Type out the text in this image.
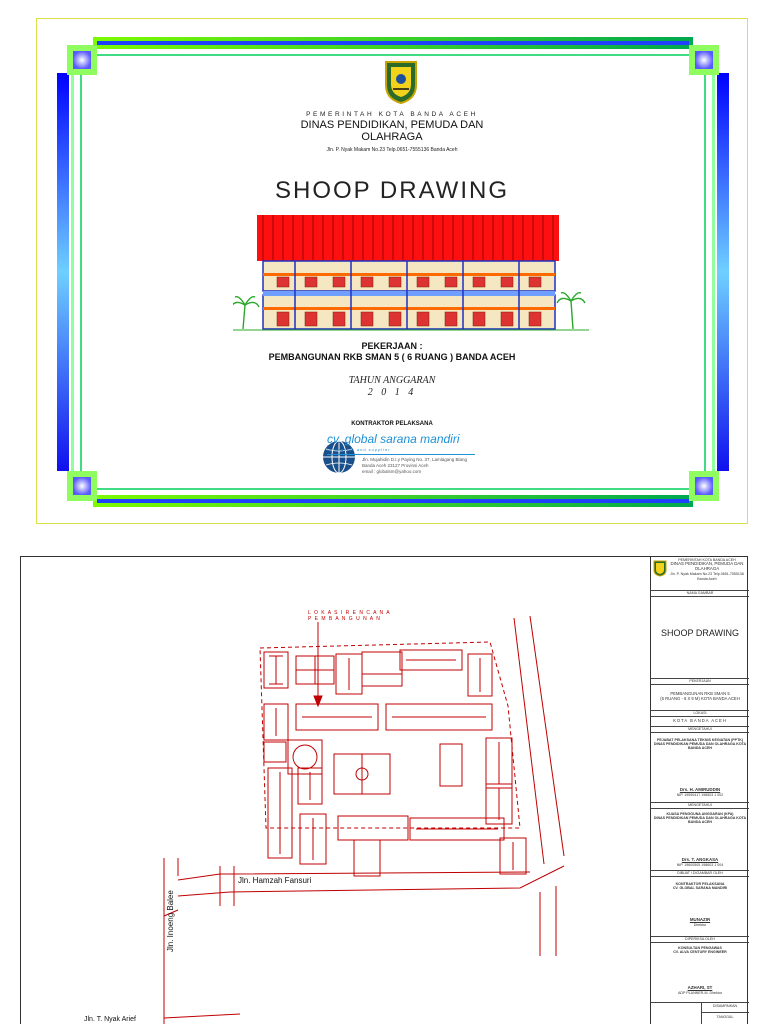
PEMERINTAH KOTA BANDA ACEH
DINAS PENDIDIKAN, PEMUDA DAN
OLAHRAGA
Jln. P. Nyak Makam No.23 Telp.0651-7555136 Banda Aceh
SHOOP DRAWING
PEKERJAAN :
PEMBANGUNAN RKB SMAN 5 ( 6 RUANG ) BANDA ACEH
TAHUN ANGGARAN
2 0 1 4
KONTRAKTOR PELAKSANA
cv. global sarana mandiri
contractor and supplier
Jln. Mujahidin D.I.y Paying No. 37, Lamlagang Blang
Banda Aceh 23127 Provinsi Aceh
email : globalsm@yahoo.com
L O K A S I R E N C A N A
P E M B A N G U N A N
Jln. Hamzah Fansuri
Jln. Inoeng Balee
Jln. T. Nyak Arief
PEMERINTAH KOTA BANDA ACEH
DINAS PENDIDIKAN, PEMUDA DAN
OLAHRAGA
Jln. P. Nyak Makam No.23 Telp.0651-7555136 Banda Aceh
NAMA GAMBAR
SHOOP DRAWING
PEKERJAAN
PEMBANGUNAN RKB SMAN 5
(6 RUANG - 6 X 9 M) KOTA BANDA ACEH
LOKASI
KOTA BANDA ACEH
MENGETAHUI
PEJABAT PELAKSANA TEKNIS KEGIATAN (PPTK)
DINAS PENDIDIKAN PEMUDA DAN OLAHRAGA KOTA
BANDA ACEH
Drs. H. AMIRUDDIN
NIP. 19590417 198503 1 002
MENGETAHUI
KUASA PENGGUNA ANGGARAN (KPA)
DINAS PENDIDIKAN PEMUDA DAN OLAHRAGA KOTA
BANDA ACEH
Drs. T. ANGKASA
NIP. 19600505 198603 1 004
DIBUAT / DIGAMBAR OLEH
KONTRAKTOR PELAKSANA
CV. GLOBAL SARANA MANDIRI
MUNAZIR
Direktur
DIPERIKSA OLEH
KONSULTAN PENGAWAS
CV. ALVA CENTURY ENGINEER
AZHARI, ST
ADP PLANNER-M. Direktur
DISAMPAIKAN
TANGGAL
